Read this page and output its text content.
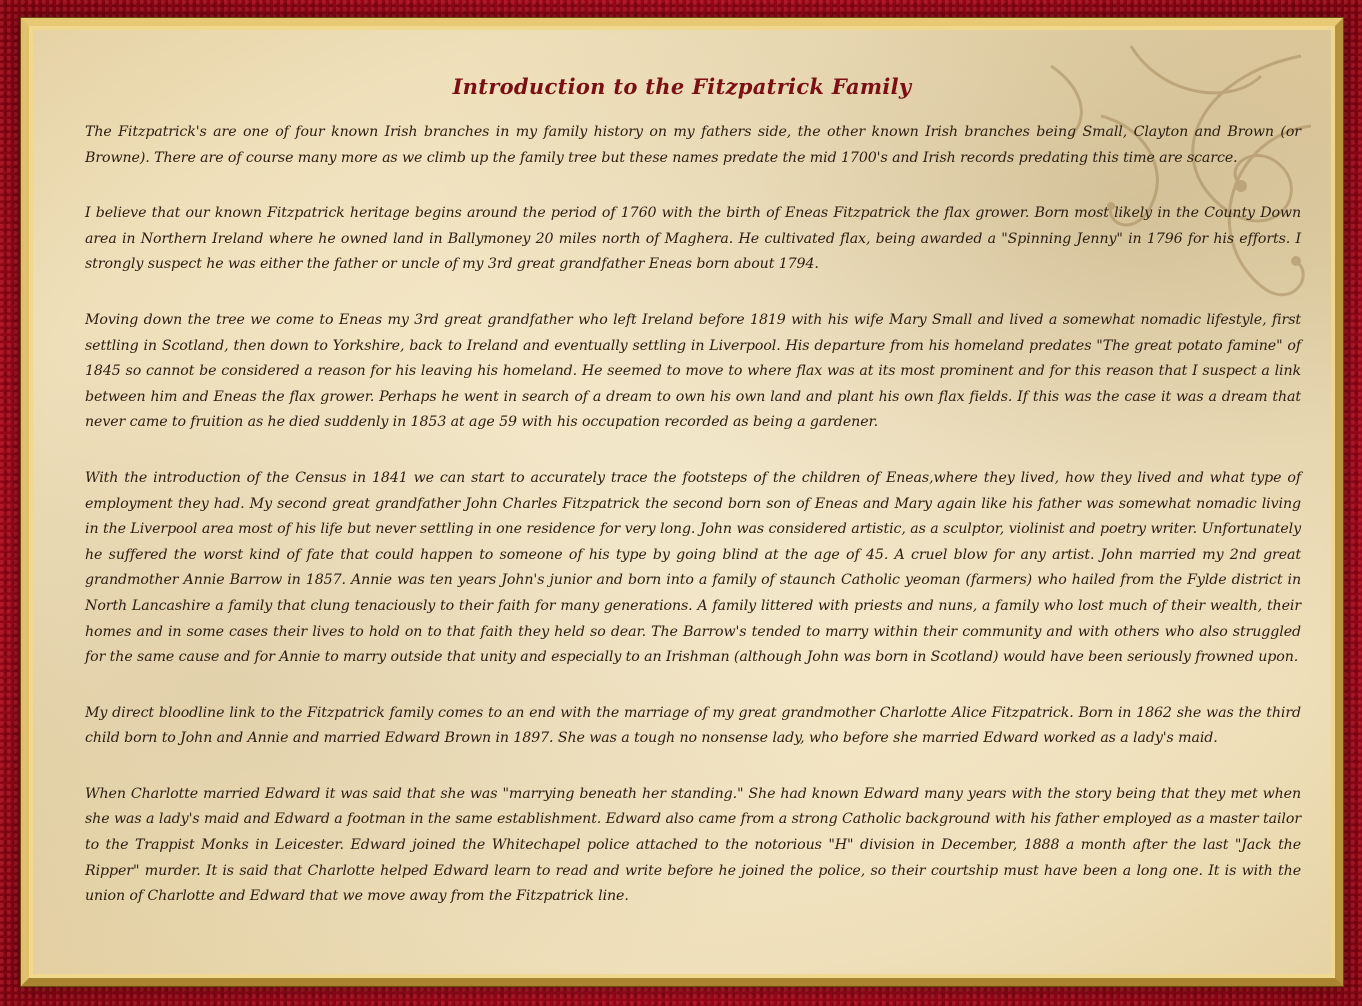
Introduction to the Fitzpatrick Family

The Fitzpatrick's are one of four known Irish branches in my family history on my fathers side, the other known Irish branches being Small, Clayton and Brown (or Browne). There are of course many more as we climb up the family tree but these names predate the mid 1700's and Irish records predating this time are scarce.

I believe that our known Fitzpatrick heritage begins around the period of 1760 with the birth of Eneas Fitzpatrick the flax grower. Born most likely in the County Down area in Northern Ireland where he owned land in Ballymoney 20 miles north of Maghera. He cultivated flax, being awarded a "Spinning Jenny" in 1796 for his efforts. I strongly suspect he was either the father or uncle of my 3rd great grandfather Eneas born about 1794.

Moving down the tree we come to Eneas my 3rd great grandfather who left Ireland before 1819 with his wife Mary Small and lived a somewhat nomadic lifestyle, first settling in Scotland, then down to Yorkshire, back to Ireland and eventually settling in Liverpool. His departure from his homeland predates "The great potato famine" of 1845 so cannot be considered a reason for his leaving his homeland. He seemed to move to where flax was at its most prominent and for this reason that I suspect a link between him and Eneas the flax grower. Perhaps he went in search of a dream to own his own land and plant his own flax fields. If this was the case it was a dream that never came to fruition as he died suddenly in 1853 at age 59 with his occupation recorded as being a gardener.

With the introduction of the Census in 1841 we can start to accurately trace the footsteps of the children of Eneas,where they lived, how they lived and what type of employment they had. My second great grandfather John Charles Fitzpatrick the second born son of Eneas and Mary again like his father was somewhat nomadic living in the Liverpool area most of his life but never settling in one residence for very long. John was considered artistic, as a sculptor, violinist and poetry writer. Unfortunately he suffered the worst kind of fate that could happen to someone of his type by going blind at the age of 45. A cruel blow for any artist. John married my 2nd great grandmother Annie Barrow in 1857. Annie was ten years John's junior and born into a family of staunch Catholic yeoman (farmers) who hailed from the Fylde district in North Lancashire a family that clung tenaciously to their faith for many generations. A family littered with priests and nuns, a family who lost much of their wealth, their homes and in some cases their lives to hold on to that faith they held so dear. The Barrow's tended to marry within their community and with others who also struggled for the same cause and for Annie to marry outside that unity and especially to an Irishman (although John was born in Scotland) would have been seriously frowned upon.

My direct bloodline link to the Fitzpatrick family comes to an end with the marriage of my great grandmother Charlotte Alice Fitzpatrick. Born in 1862 she was the third child born to John and Annie and married Edward Brown in 1897. She was a tough no nonsense lady, who before she married Edward worked as a lady's maid.

When Charlotte married Edward it was said that she was "marrying beneath her standing." She had known Edward many years with the story being that they met when she was a lady's maid and Edward a footman in the same establishment. Edward also came from a strong Catholic background with his father employed as a master tailor to the Trappist Monks in Leicester. Edward joined the Whitechapel police attached to the notorious "H" division in December, 1888 a month after the last "Jack the Ripper" murder. It is said that Charlotte helped Edward learn to read and write before he joined the police, so their courtship must have been a long one. It is with the union of Charlotte and Edward that we move away from the Fitzpatrick line.
